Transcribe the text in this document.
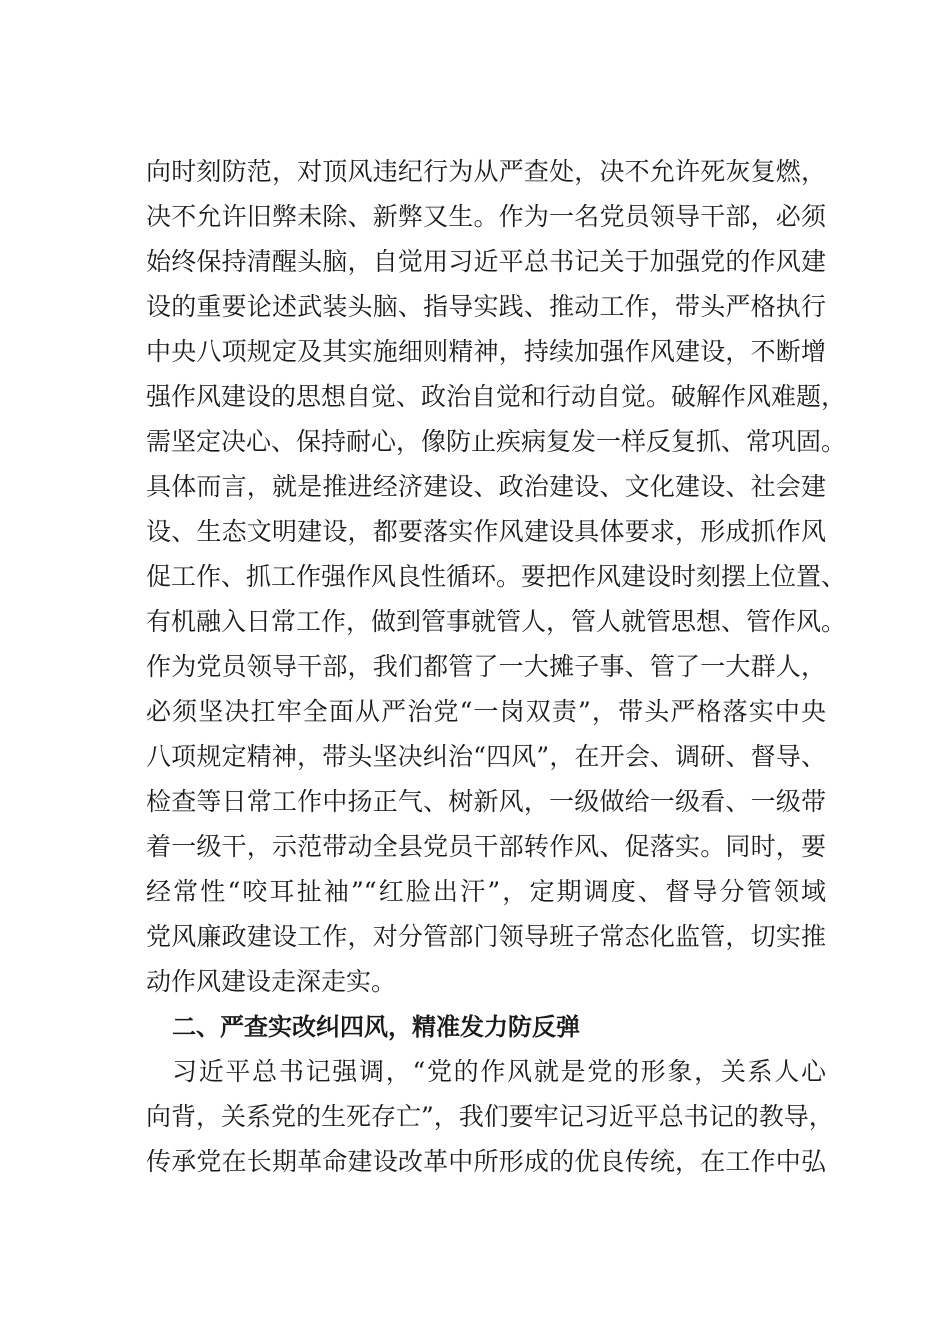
向时刻防范，对顶风违纪行为从严查处，决不允许死灰复燃，
决不允许旧弊未除、新弊又生。作为一名党员领导干部，必须
始终保持清醒头脑，自觉用习近平总书记关于加强党的作风建
设的重要论述武装头脑、指导实践、推动工作，带头严格执行
中央八项规定及其实施细则精神，持续加强作风建设，不断增
强作风建设的思想自觉、政治自觉和行动自觉。破解作风难题，
需坚定决心、保持耐心，像防止疾病复发一样反复抓、常巩固。
具体而言，就是推进经济建设、政治建设、文化建设、社会建
设、生态文明建设，都要落实作风建设具体要求，形成抓作风
促工作、抓工作强作风良性循环。要把作风建设时刻摆上位置、
有机融入日常工作，做到管事就管人，管人就管思想、管作风。
作为党员领导干部，我们都管了一大摊子事、管了一大群人，
必须坚决扛牢全面从严治党“一岗双责”，带头严格落实中央
八项规定精神，带头坚决纠治“四风”，在开会、调研、督导、
检查等日常工作中扬正气、树新风，一级做给一级看、一级带
着一级干，示范带动全县党员干部转作风、促落实。同时，要
经常性“咬耳扯袖”“红脸出汗”，定期调度、督导分管领域
党风廉政建设工作，对分管部门领导班子常态化监管，切实推
动作风建设走深走实。
二、严查实改纠四风，精准发力防反弹
习近平总书记强调，“党的作风就是党的形象，关系人心
向背，关系党的生死存亡”，我们要牢记习近平总书记的教导，
传承党在长期革命建设改革中所形成的优良传统，在工作中弘
